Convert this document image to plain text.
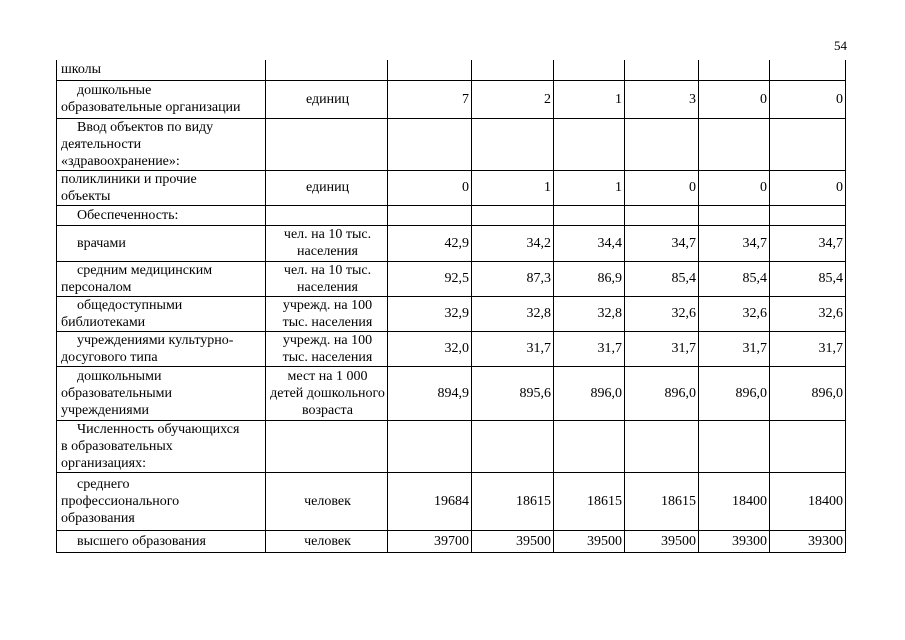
54
школы							

дошкольные
образовательные организации	единиц	7	2	1	3	0	0

Ввод объектов по виду
деятельности
«здравоохранение»:							

поликлиники и прочие
объекты	единиц	0	1	1	0	0	0

Обеспеченность:							

врачами	чел. на 10 тыс. населения	42,9	34,2	34,4	34,7	34,7	34,7

средним медицинским
персоналом	чел. на 10 тыс. населения	92,5	87,3	86,9	85,4	85,4	85,4

общедоступными
библиотеками	учрежд. на 100 тыс. населения	32,9	32,8	32,8	32,6	32,6	32,6

учреждениями культурно-
досугового типа	учрежд. на 100 тыс. населения	32,0	31,7	31,7	31,7	31,7	31,7

дошкольными
образовательными
учреждениями	мест на 1 000 детей дошкольного возраста	894,9	895,6	896,0	896,0	896,0	896,0

Численность обучающихся
в образовательных
организациях:							

среднего
профессионального
образования	человек	19684	18615	18615	18615	18400	18400

высшего образования	человек	39700	39500	39500	39500	39300	39300
